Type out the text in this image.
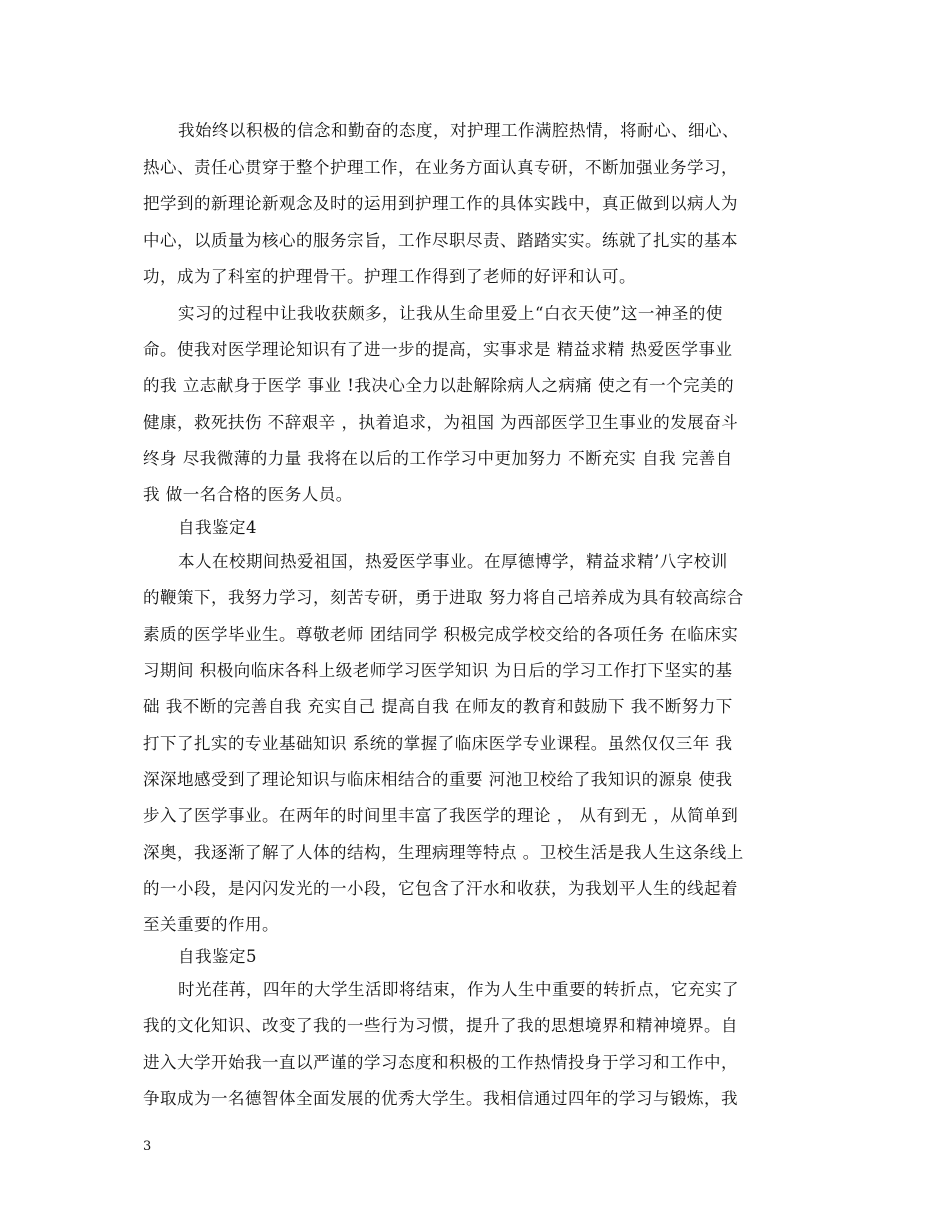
我始终以积极的信念和勤奋的态度，对护理工作满腔热情，将耐心、细心、
热心、责任心贯穿于整个护理工作，在业务方面认真专研，不断加强业务学习，
把学到的新理论新观念及时的运用到护理工作的具体实践中，真正做到以病人为
中心，以质量为核心的服务宗旨，工作尽职尽责、踏踏实实。练就了扎实的基本
功，成为了科室的护理骨干。护理工作得到了老师的好评和认可。
实习的过程中让我收获颇多，让我从生命里爱上“白衣天使”这一神圣的使
命。使我对医学理论知识有了进一步的提高，实事求是 精益求精 热爱医学事业
的我 立志献身于医学 事业 !我决心全力以赴解除病人之病痛 使之有一个完美的
健康，救死扶伤 不辞艰辛 ，执着追求，为祖国 为西部医学卫生事业的发展奋斗
终身 尽我微薄的力量 我将在以后的工作学习中更加努力 不断充实 自我 完善自
我 做一名合格的医务人员。
自我鉴定4
本人在校期间热爱祖国，热爱医学事业。在厚德博学，精益求精’八字校训
的鞭策下，我努力学习，刻苦专研，勇于进取 努力将自己培养成为具有较高综合
素质的医学毕业生。尊敬老师 团结同学 积极完成学校交给的各项任务 在临床实
习期间 积极向临床各科上级老师学习医学知识 为日后的学习工作打下坚实的基
础 我不断的完善自我 充实自己 提高自我 在师友的教育和鼓励下 我不断努力下
打下了扎实的专业基础知识 系统的掌握了临床医学专业课程。虽然仅仅三年 我
深深地感受到了理论知识与临床相结合的重要 河池卫校给了我知识的源泉 使我
步入了医学事业。在两年的时间里丰富了我医学的理论 ， 从有到无 ，从简单到
深奥，我逐渐了解了人体的结构，生理病理等特点 。卫校生活是我人生这条线上
的一小段，是闪闪发光的一小段，它包含了汗水和收获，为我划平人生的线起着
至关重要的作用。
自我鉴定5
时光荏苒，四年的大学生活即将结束，作为人生中重要的转折点，它充实了
我的文化知识、改变了我的一些行为习惯，提升了我的思想境界和精神境界。自
进入大学开始我一直以严谨的学习态度和积极的工作热情投身于学习和工作中，
争取成为一名德智体全面发展的优秀大学生。我相信通过四年的学习与锻炼，我
3
